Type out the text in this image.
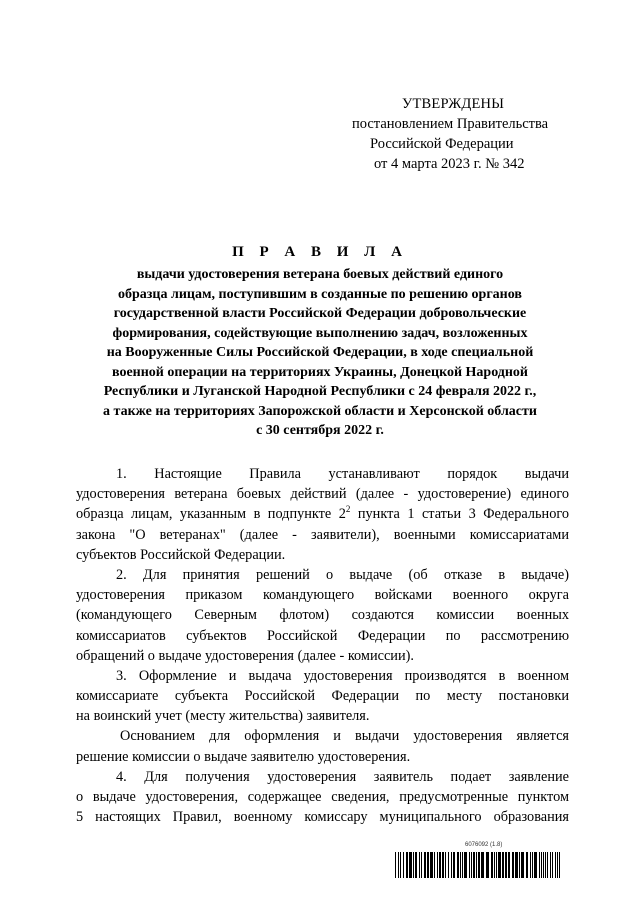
УТВЕРЖДЕНЫ
постановлением Правительства
Российской Федерации
от 4 марта 2023 г. № 342
П Р А В И Л А
выдачи удостоверения ветерана боевых действий единого
образца лицам, поступившим в созданные по решению органов
государственной власти Российской Федерации добровольческие
формирования, содействующие выполнению задач, возложенных
на Вооруженные Силы Российской Федерации, в ходе специальной
военной операции на территориях Украины, Донецкой Народной
Республики и Луганской Народной Республики с 24 февраля 2022 г.,
а также на территориях Запорожской области и Херсонской области
с 30 сентября 2022 г.
1. Настоящие Правила устанавливают порядок выдачи
удостоверения ветерана боевых действий (далее - удостоверение) единого
образца лицам, указанным в подпункте $2^2$ пункта 1 статьи 3 Федерального
закона "О ветеранах" (далее - заявители), военными комиссариатами
субъектов Российской Федерации.
2. Для принятия решений о выдаче (об отказе в выдаче)
удостоверения приказом командующего войсками военного округа
(командующего Северным флотом) создаются комиссии военных
комиссариатов субъектов Российской Федерации по рассмотрению
обращений о выдаче удостоверения (далее - комиссии).
3. Оформление и выдача удостоверения производятся в военном
комиссариате субъекта Российской Федерации по месту постановки
на воинский учет (месту жительства) заявителя.
Основанием для оформления и выдачи удостоверения является
решение комиссии о выдаче заявителю удостоверения.
4. Для получения удостоверения заявитель подает заявление
о выдаче удостоверения, содержащее сведения, предусмотренные пунктом
5 настоящих Правил, военному комиссару муниципального образования
6076092 (1.8)
